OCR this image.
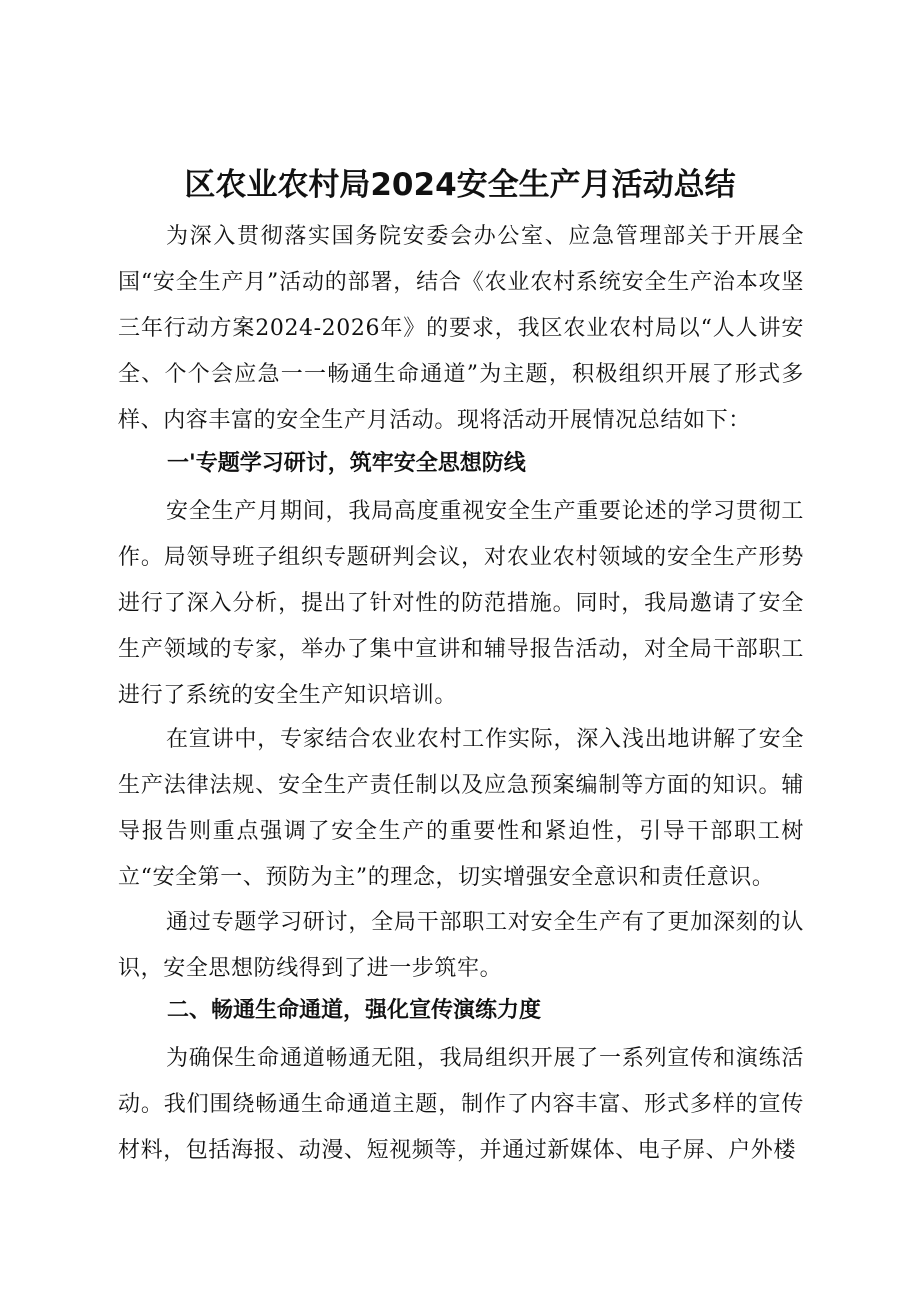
区农业农村局2024安全生产月活动总结

为深入贯彻落实国务院安委会办公室、应急管理部关于开展全国“安全生产月”活动的部署，结合《农业农村系统安全生产治本攻坚三年行动方案2024-2026年》的要求，我区农业农村局以“人人讲安全、个个会应急一一畅通生命通道”为主题，积极组织开展了形式多样、内容丰富的安全生产月活动。现将活动开展情况总结如下：

一'专题学习研讨，筑牢安全思想防线

安全生产月期间，我局高度重视安全生产重要论述的学习贯彻工作。局领导班子组织专题研判会议，对农业农村领域的安全生产形势进行了深入分析，提出了针对性的防范措施。同时，我局邀请了安全生产领域的专家，举办了集中宣讲和辅导报告活动，对全局干部职工进行了系统的安全生产知识培训。

在宣讲中，专家结合农业农村工作实际，深入浅出地讲解了安全生产法律法规、安全生产责任制以及应急预案编制等方面的知识。辅导报告则重点强调了安全生产的重要性和紧迫性，引导干部职工树立“安全第一、预防为主”的理念，切实增强安全意识和责任意识。

通过专题学习研讨，全局干部职工对安全生产有了更加深刻的认识，安全思想防线得到了进一步筑牢。

二、畅通生命通道，强化宣传演练力度

为确保生命通道畅通无阻，我局组织开展了一系列宣传和演练活动。我们围绕畅通生命通道主题，制作了内容丰富、形式多样的宣传材料，包括海报、动漫、短视频等，并通过新媒体、电子屏、户外楼
